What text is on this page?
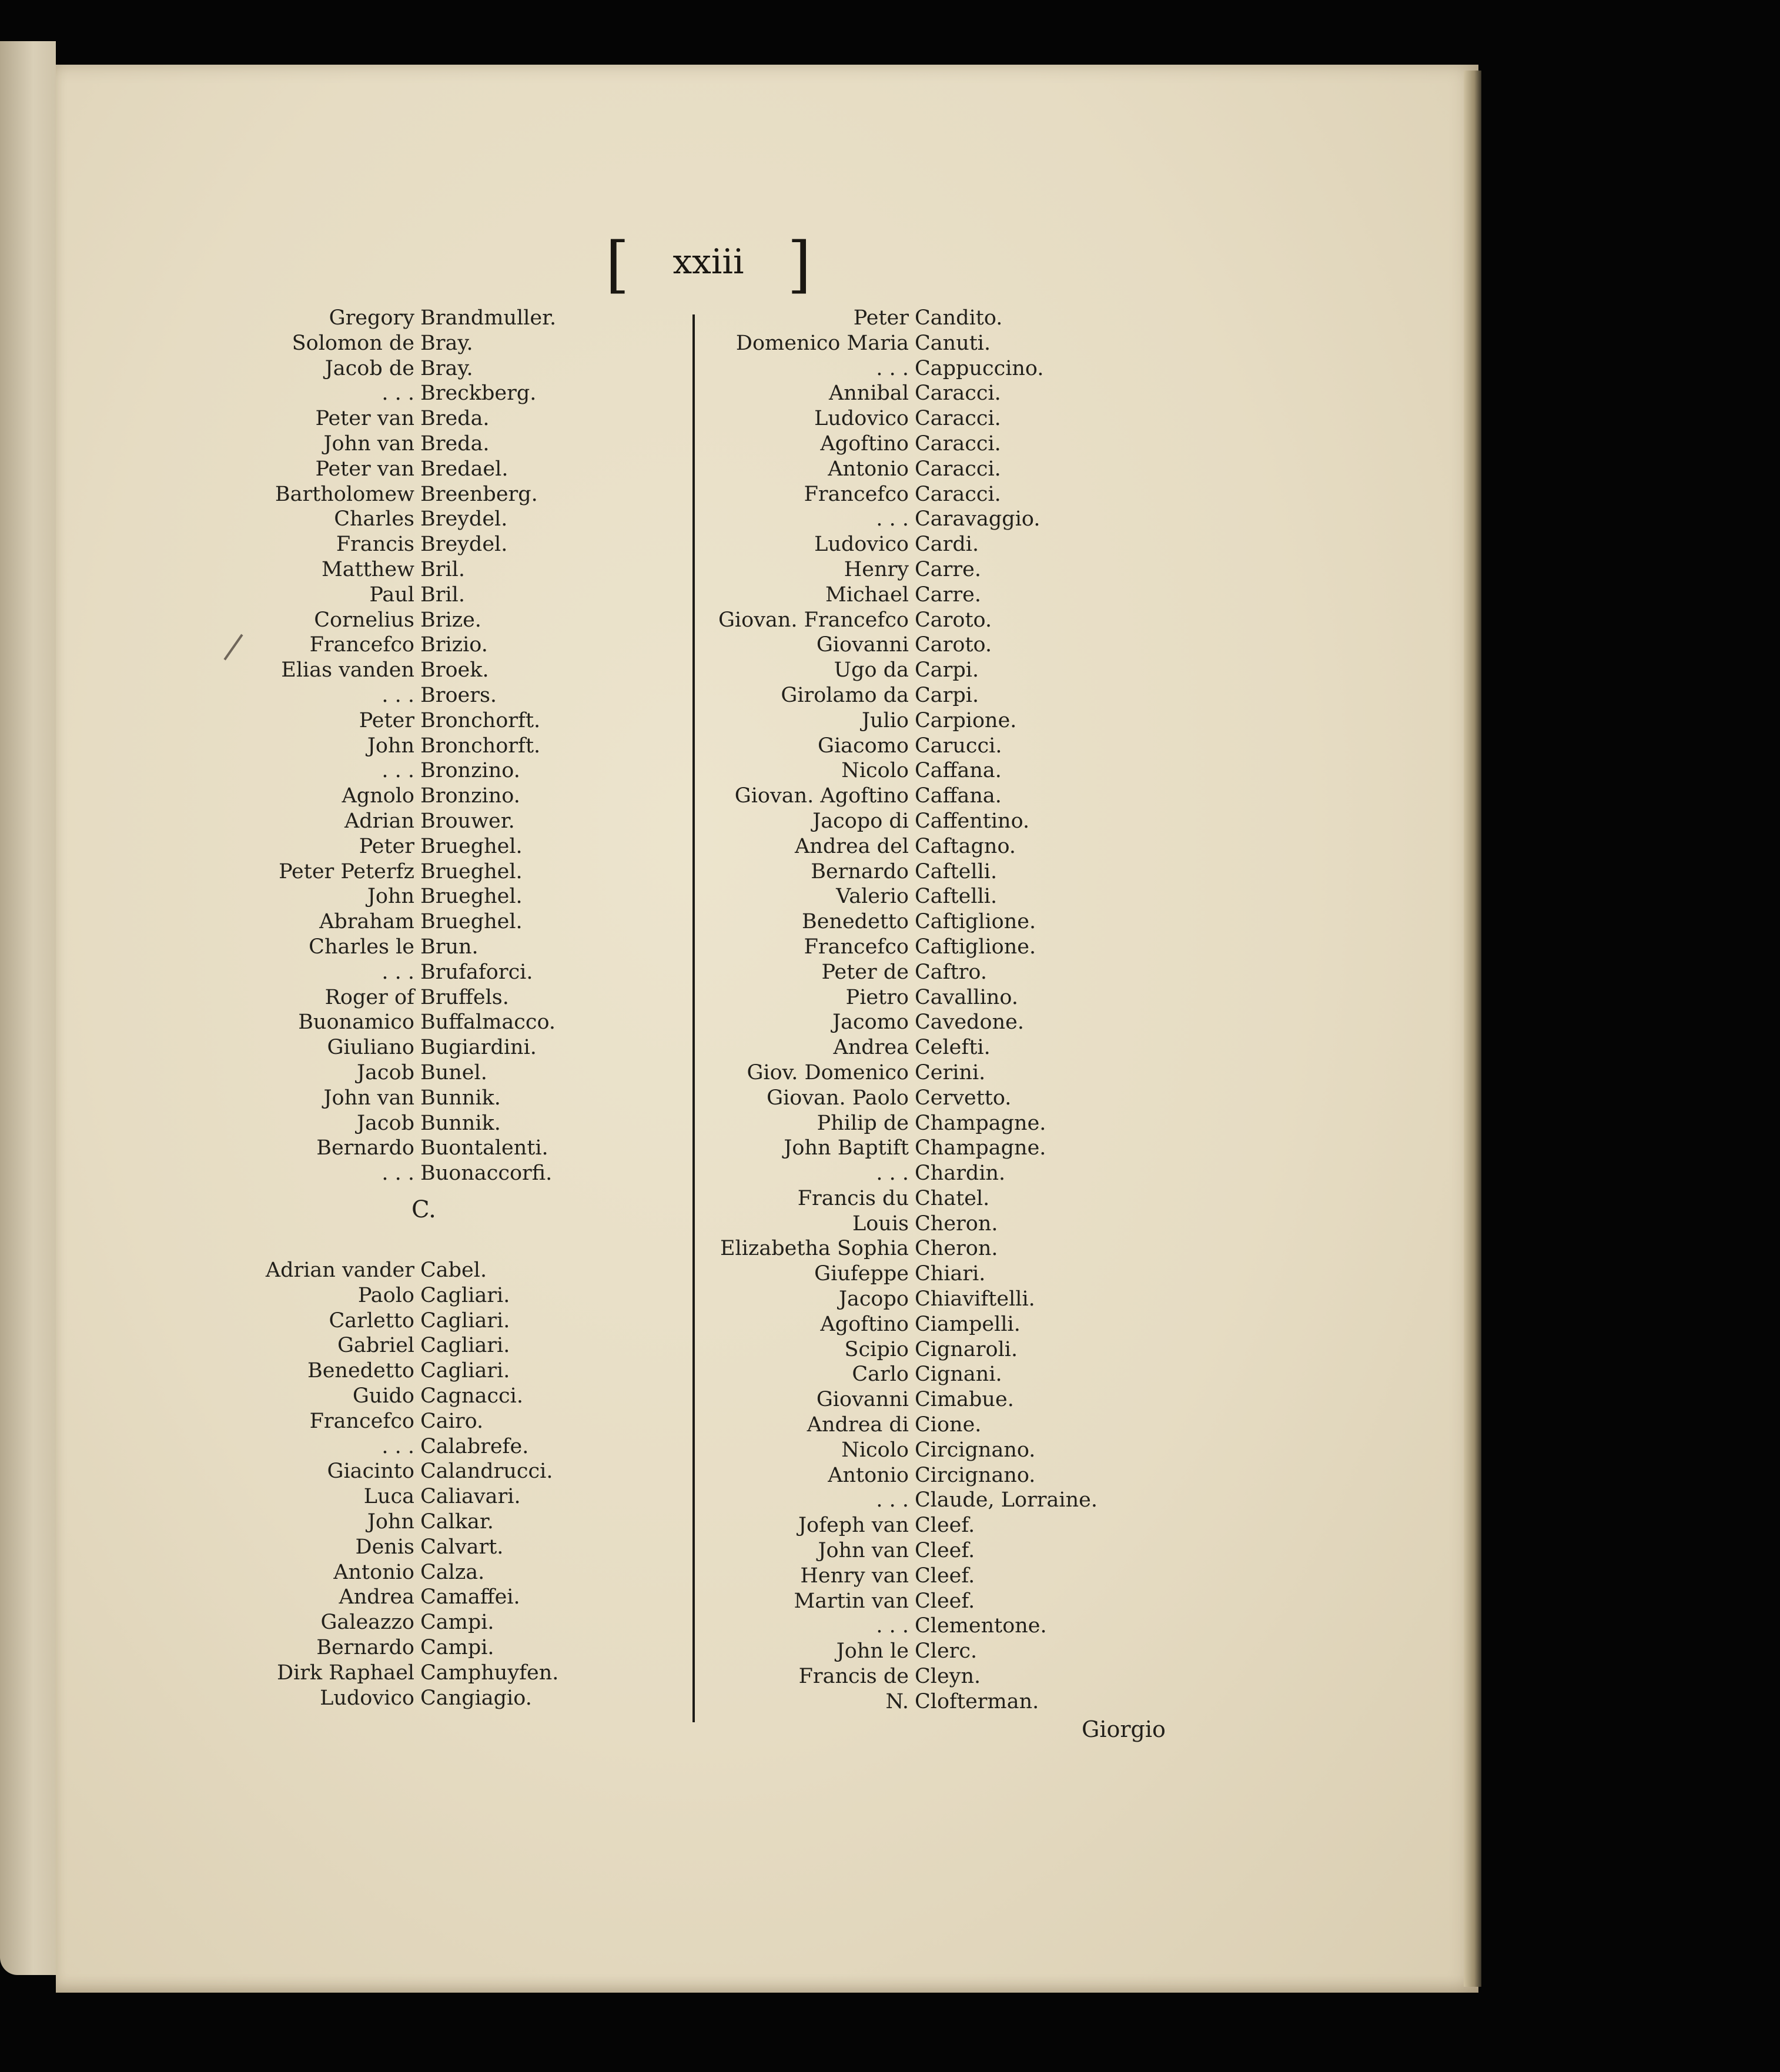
[	xxiii ]
Gregory Brandmuller.
Solomon de Bray.
Jacob de Bray.
. . . Breckberg.
Peter van Breda.
John van Breda.
Peter van Bredael.
Bartholomew Breenberg.
Charles Breydel.
Francis Breydel.
Matthew Bril.
Paul Bril.
Cornelius Brize.
Francefco Brizio.
Elias vanden Broek.
. . . Broers.
Peter Bronchorft.
John Bronchorft.
. . . Bronzino.
Agnolo Bronzino.
Adrian Brouwer.
Peter Brueghel.
Peter Peterfz Brueghel.
John Brueghel.
Abraham Brueghel.
Charles le Brun.
. . . Brufaforci.
Roger of Bruffels.
Buonamico Buffalmacco.
Giuliano Bugiardini.
Jacob Bunel.
John van Bunnik.
Jacob Bunnik.
Bernardo Buontalenti.
. . . Buonaccorfi.
C.
Adrian vander Cabel.
Paolo Cagliari.
Carletto Cagliari.
Gabriel Cagliari.
Benedetto Cagliari.
Guido Cagnacci.
Francefco Cairo.
. . . Calabrefe.
Giacinto Calandrucci.
Luca Caliavari.
John Calkar.
Denis Calvart.
Antonio Calza.
Andrea Camaffei.
Galeazzo Campi.
Bernardo Campi.
Dirk Raphael Camphuyfen.
Ludovico Cangiagio.
Peter Candito.
Domenico Maria Canuti.
. . . Cappuccino.
Annibal Caracci.
Ludovico Caracci.
Agoftino Caracci.
Antonio Caracci.
Francefco Caracci.
. . . Caravaggio.
Ludovico Cardi.
Henry Carre.
Michael Carre.
Giovan. Francefco Caroto.
Giovanni Caroto.
Ugo da Carpi.
Girolamo da Carpi.
Julio Carpione.
Giacomo Carucci.
Nicolo Caffana.
Giovan. Agoftino Caffana.
Jacopo di Caffentino.
Andrea del Caftagno.
Bernardo Caftelli.
Valerio Caftelli.
Benedetto Caftiglione.
Francefco Caftiglione.
Peter de Caftro.
Pietro Cavallino.
Jacomo Cavedone.
Andrea Celefti.
Giov. Domenico Cerini.
Giovan. Paolo Cervetto.
Philip de Champagne.
John Baptift Champagne.
. . . Chardin.
Francis du Chatel.
Louis Cheron.
Elizabetha Sophia Cheron.
Giufeppe Chiari.
Jacopo Chiaviftelli.
Agoftino Ciampelli.
Scipio Cignaroli.
Carlo Cignani.
Giovanni Cimabue.
Andrea di Cione.
Nicolo Circignano.
Antonio Circignano.
. . . Claude, Lorraine.
Jofeph van Cleef.
John van Cleef.
Henry van Cleef.
Martin van Cleef.
. . . Clementone.
John le Clerc.
Francis de Cleyn.
N. Clofterman.
Giorgio
